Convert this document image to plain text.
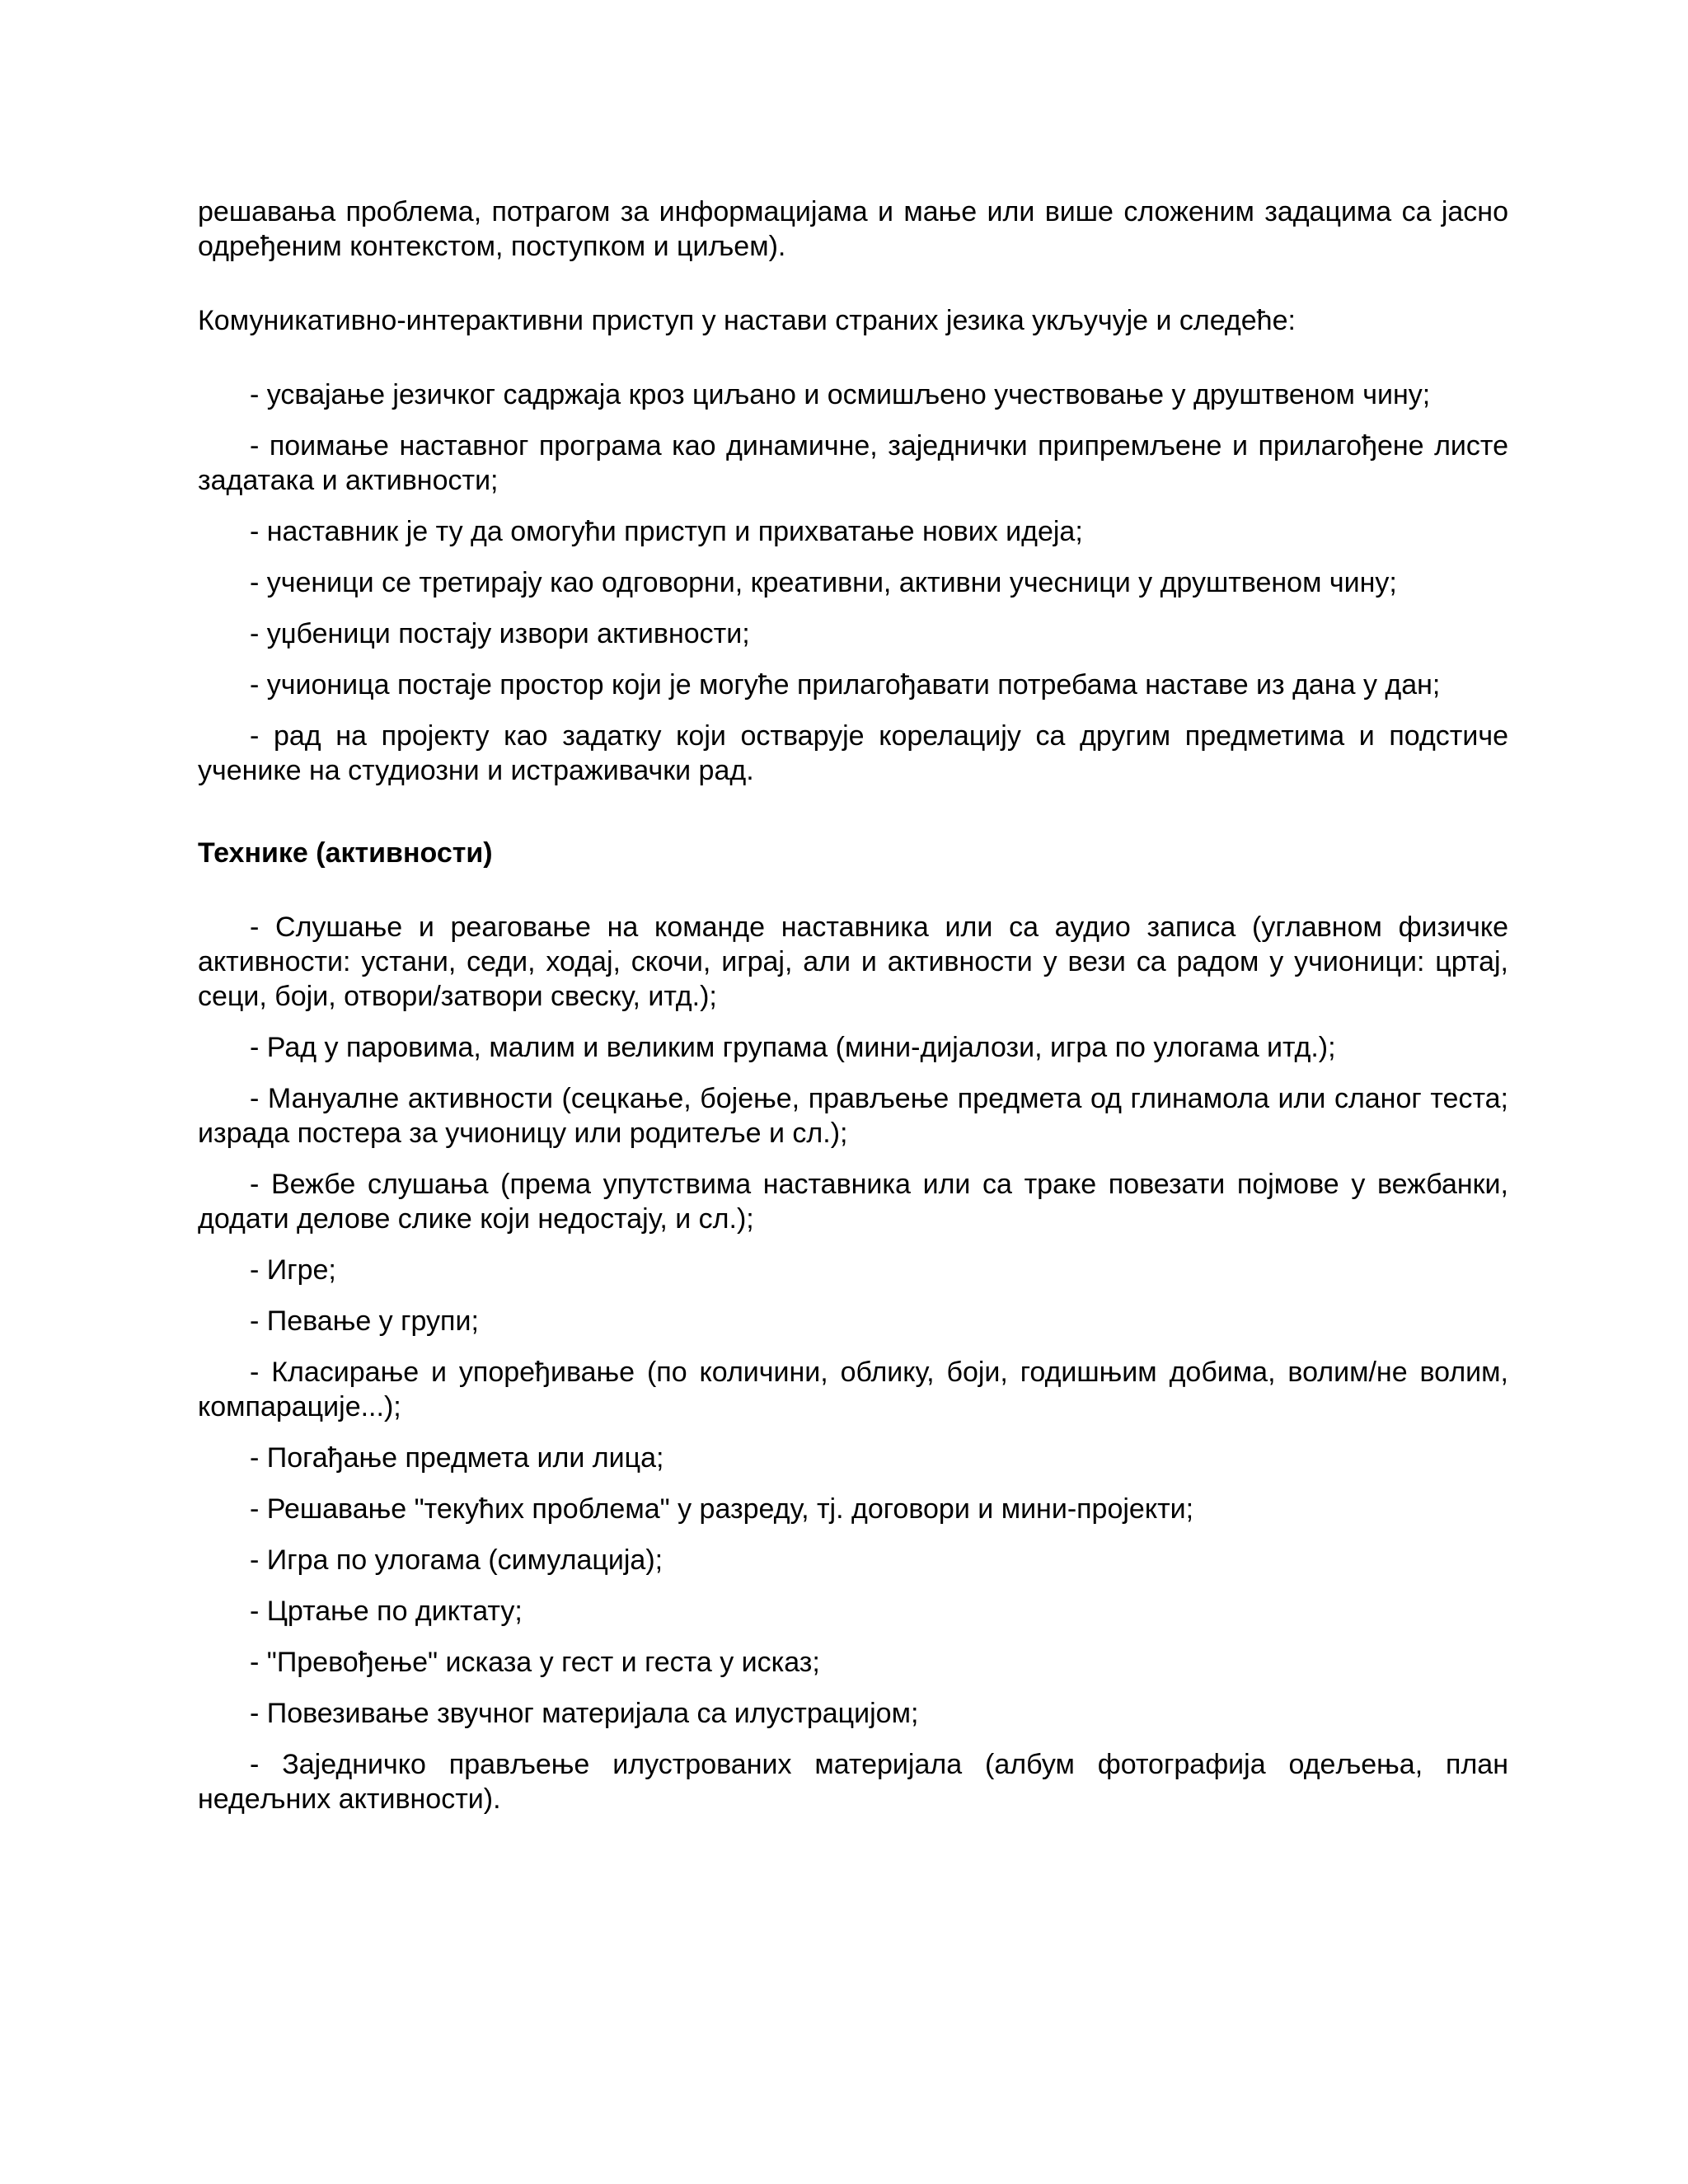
решавања проблема, потрагом за информацијама и мање или више сложеним задацима са јасно одређеним контекстом, поступком и циљем).

Комуникативно-интерактивни приступ у настави страних језика укључује и следеће:

- усвајање језичког садржаја кроз циљано и осмишљено учествовање у друштвеном чину;

- поимање наставног програма као динамичне, заједнички припремљене и прилагођене листе задатака и активности;

- наставник је ту да омогући приступ и прихватање нових идеја;

- ученици се третирају као одговорни, креативни, активни учесници у друштвеном чину;

- уџбеници постају извори активности;

- учионица постаје простор који је могуће прилагођавати потребама наставе из дана у дан;

- рад на пројекту као задатку који остварује корелацију са другим предметима и подстиче ученике на студиозни и истраживачки рад.

Технике (активности)

- Слушање и реаговање на команде наставника или са аудио записа (углавном физичке активности: устани, седи, ходај, скочи, играј, али и активности у вези са радом у учионици: цртај, сеци, боји, отвори/затвори свеску, итд.);

- Рад у паровима, малим и великим групама (мини-дијалози, игра по улогама итд.);

- Мануалне активности (сецкање, бојење, прављење предмета од глинамола или сланог теста; израда постера за учионицу или родитеље и сл.);

- Вежбе слушања (према упутствима наставника или са траке повезати појмове у вежбанки, додати делове слике који недостају, и сл.);

- Игре;

- Певање у групи;

- Класирање и упоређивање (по количини, облику, боји, годишњим добима, волим/не волим, компарације...);

- Погађање предмета или лица;

- Решавање "текућих проблема" у разреду, тј. договори и мини-пројекти;

- Игра по улогама (симулација);

- Цртање по диктату;

- "Превођење" исказа у гест и геста у исказ;

- Повезивање звучног материјала са илустрацијом;

- Заједничко прављење илустрованих материјала (албум фотографија одељења, план недељних активности).
